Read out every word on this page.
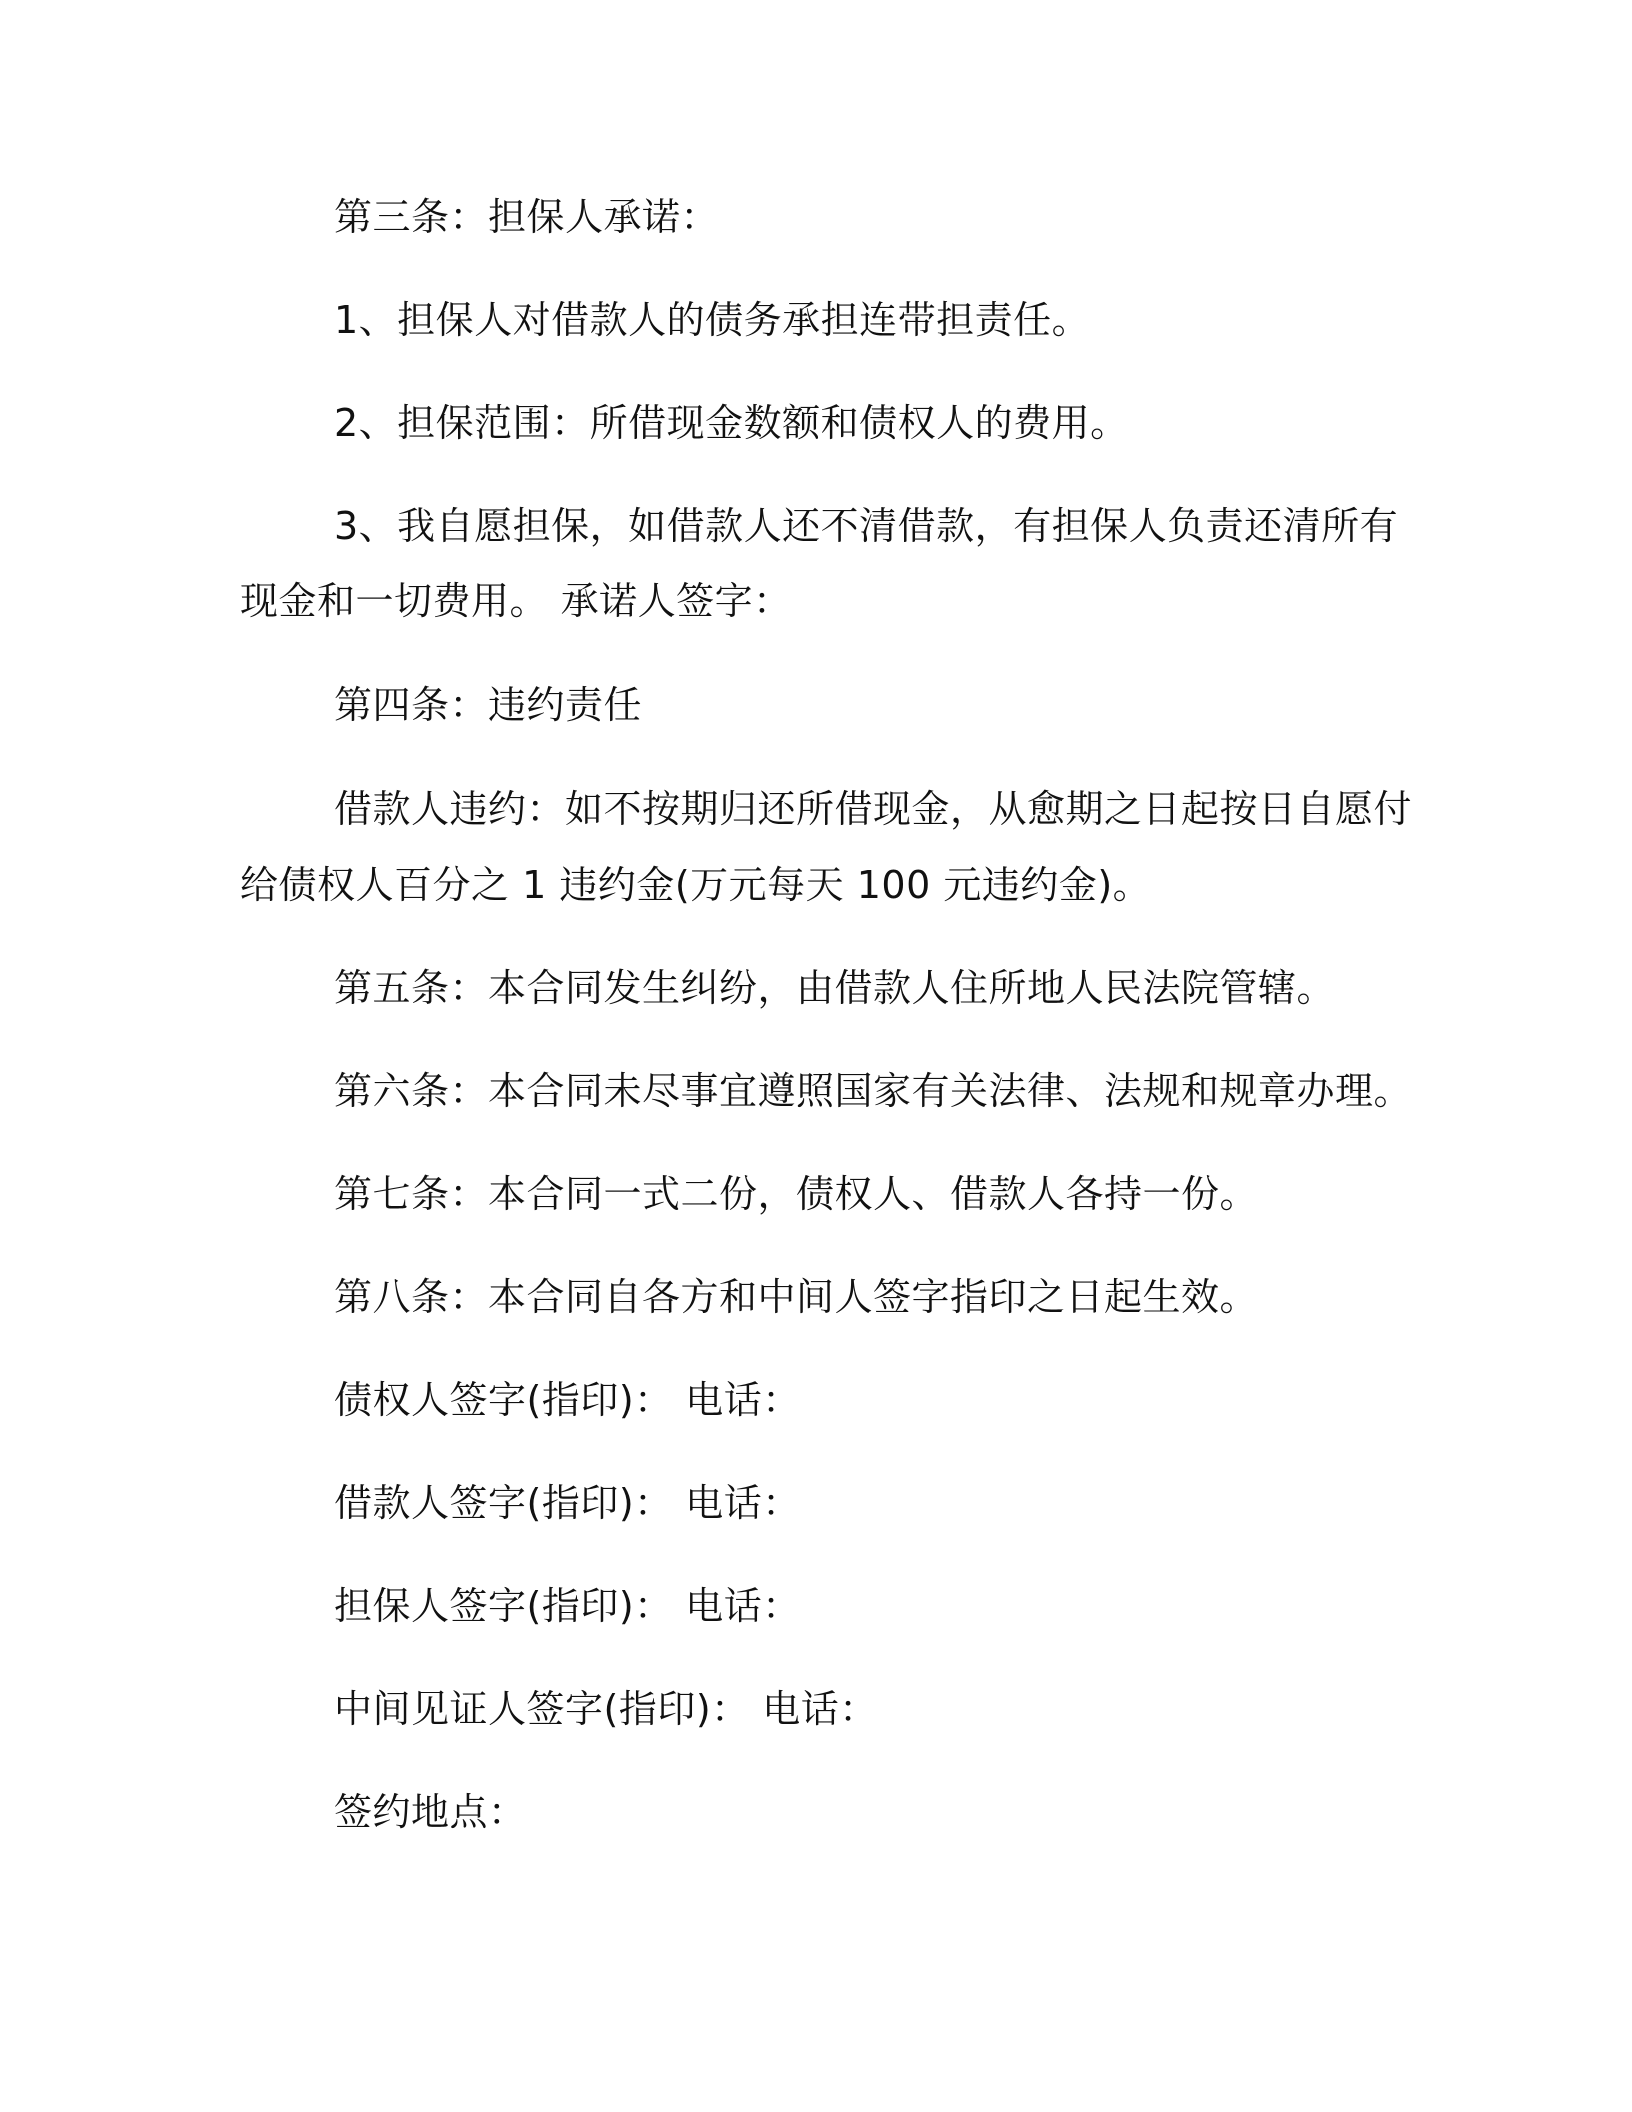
第三条：担保人承诺：
1、担保人对借款人的债务承担连带担责任。
2、担保范围：所借现金数额和债权人的费用。
3、我自愿担保，如借款人还不清借款，有担保人负责还清所有
现金和一切费用。 承诺人签字：
第四条：违约责任
借款人违约：如不按期归还所借现金，从愈期之日起按日自愿付
给债权人百分之 1 违约金(万元每天 100 元违约金)。
第五条：本合同发生纠纷，由借款人住所地人民法院管辖。
第六条：本合同未尽事宜遵照国家有关法律、法规和规章办理。
第七条：本合同一式二份，债权人、借款人各持一份。
第八条：本合同自各方和中间人签字指印之日起生效。
债权人签字(指印)： 电话：
借款人签字(指印)： 电话：
担保人签字(指印)： 电话：
中间见证人签字(指印)： 电话：
签约地点：
